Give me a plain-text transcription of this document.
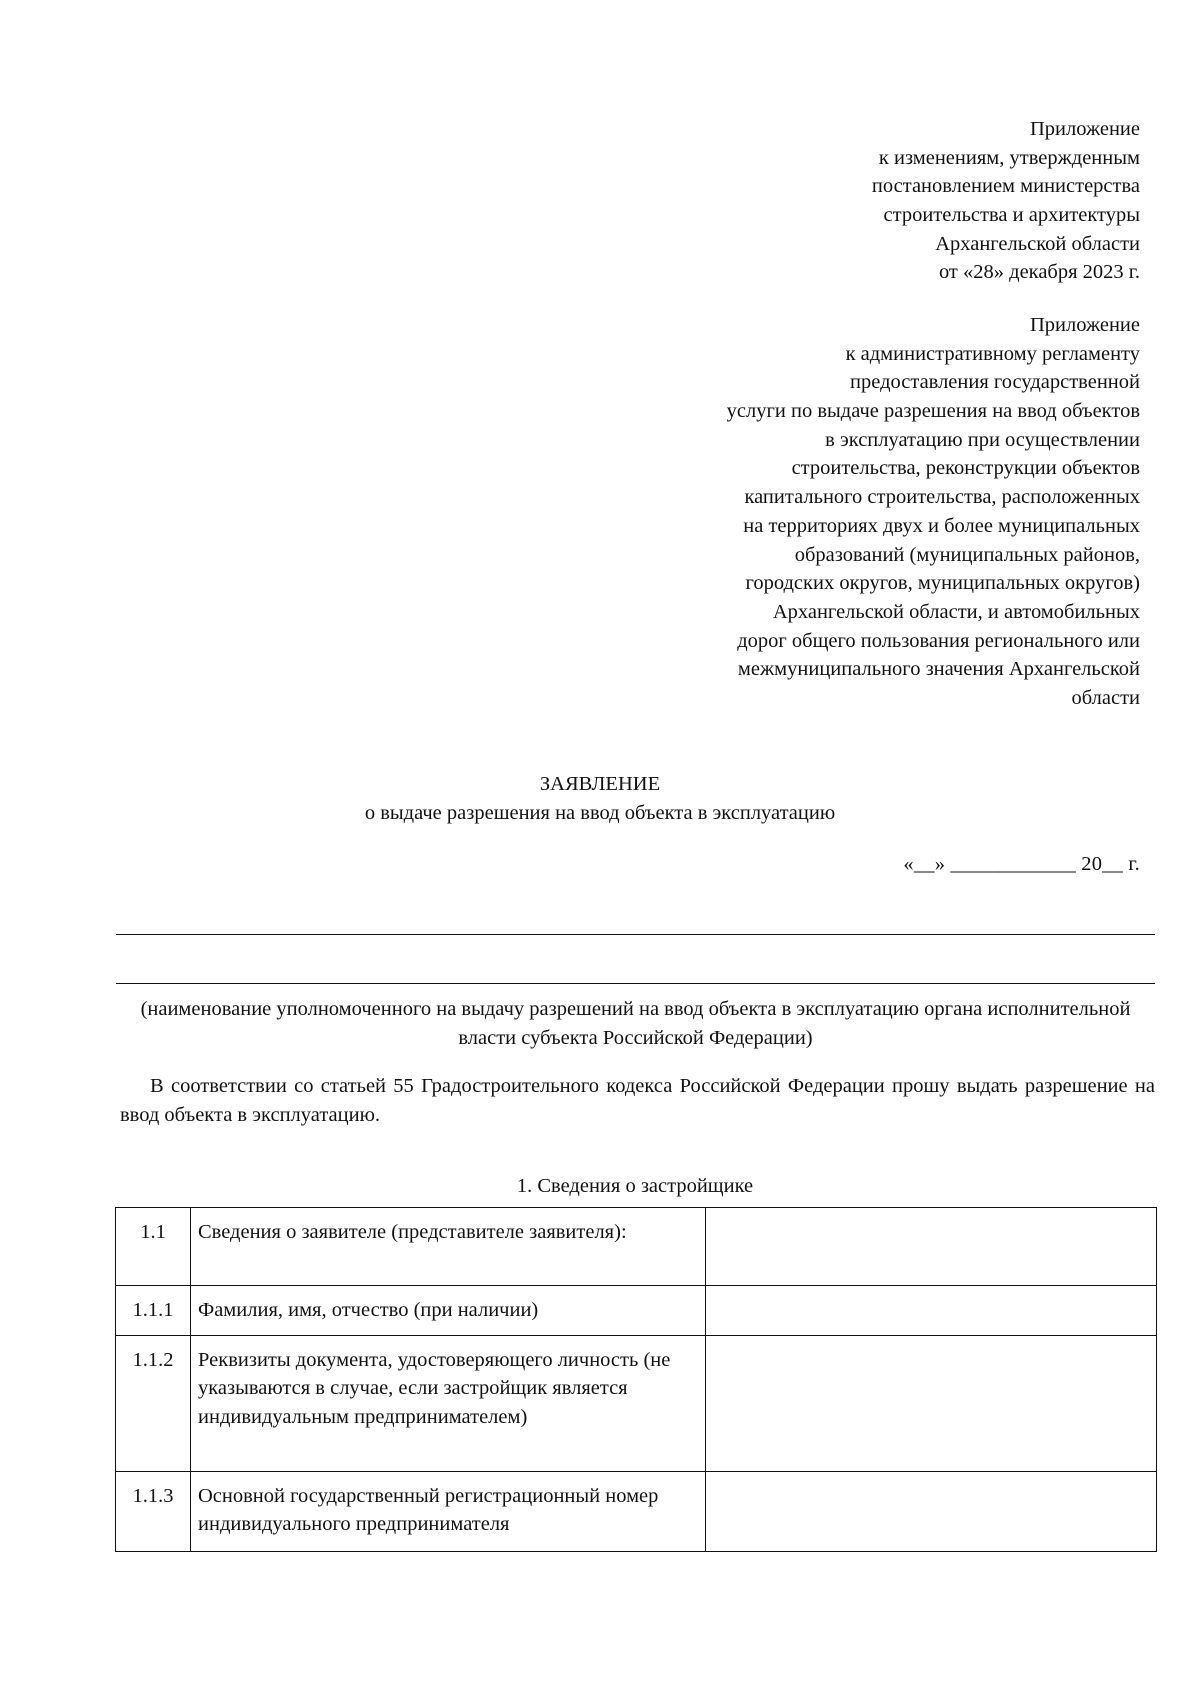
Приложение
к изменениям, утвержденным
постановлением министерства
строительства и архитектуры
Архангельской области
от «28» декабря 2023 г.
Приложение
к административному регламенту
предоставления государственной
услуги по выдаче разрешения на ввод объектов
в эксплуатацию при осуществлении
строительства, реконструкции объектов
капитального строительства, расположенных
на территориях двух и более муниципальных
образований (муниципальных районов,
городских округов, муниципальных округов)
Архангельской области, и автомобильных
дорог общего пользования регионального или
межмуниципального значения Архангельской
области
ЗАЯВЛЕНИЕ
о выдаче разрешения на ввод объекта в эксплуатацию
«__» ____________ 20__ г.
(наименование уполномоченного на выдачу разрешений на ввод объекта в эксплуатацию органа исполнительной власти субъекта Российской Федерации)
В соответствии со статьей 55 Градостроительного кодекса Российской Федерации прошу выдать разрешение на ввод объекта в эксплуатацию.
1. Сведения о застройщике
1.1	Сведения о заявителе (представителе заявителя):	
1.1.1	Фамилия, имя, отчество (при наличии)	
1.1.2	Реквизиты документа, удостоверяющего личность (не указываются в случае, если застройщик является индивидуальным предпринимателем)	
1.1.3	Основной государственный регистрационный номер индивидуального предпринимателя	
